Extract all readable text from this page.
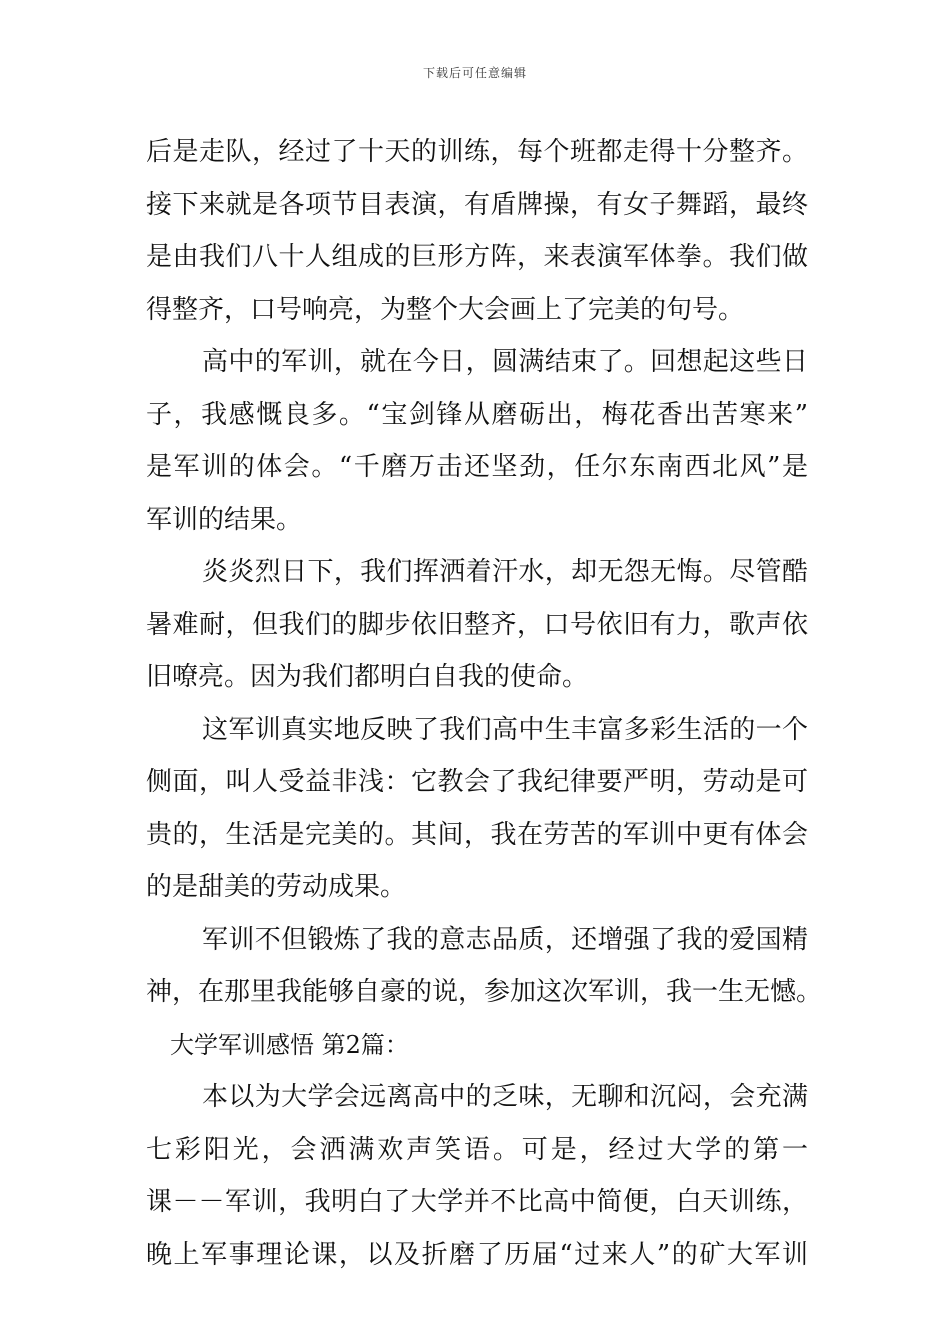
下载后可任意编辑
后是走队，经过了十天的训练，每个班都走得十分整齐。
接下来就是各项节目表演，有盾牌操，有女子舞蹈，最终
是由我们八十人组成的巨形方阵，来表演军体拳。我们做
得整齐，口号响亮，为整个大会画上了完美的句号。
高中的军训，就在今日，圆满结束了。回想起这些日
子，我感慨良多。“宝剑锋从磨砺出，梅花香出苦寒来”
是军训的体会。“千磨万击还坚劲，任尔东南西北风”是
军训的结果。
炎炎烈日下，我们挥洒着汗水，却无怨无悔。尽管酷
暑难耐，但我们的脚步依旧整齐，口号依旧有力，歌声依
旧嘹亮。因为我们都明白自我的使命。
这军训真实地反映了我们高中生丰富多彩生活的一个
侧面，叫人受益非浅：它教会了我纪律要严明，劳动是可
贵的，生活是完美的。其间，我在劳苦的军训中更有体会
的是甜美的劳动成果。
军训不但锻炼了我的意志品质，还增强了我的爱国精
神，在那里我能够自豪的说，参加这次军训，我一生无憾。
大学军训感悟 第2篇：
本以为大学会远离高中的乏味，无聊和沉闷，会充满
七彩阳光，会洒满欢声笑语。可是，经过大学的第一
课－－军训，我明白了大学并不比高中简便，白天训练，
晚上军事理论课，以及折磨了历届“过来人”的矿大军训
